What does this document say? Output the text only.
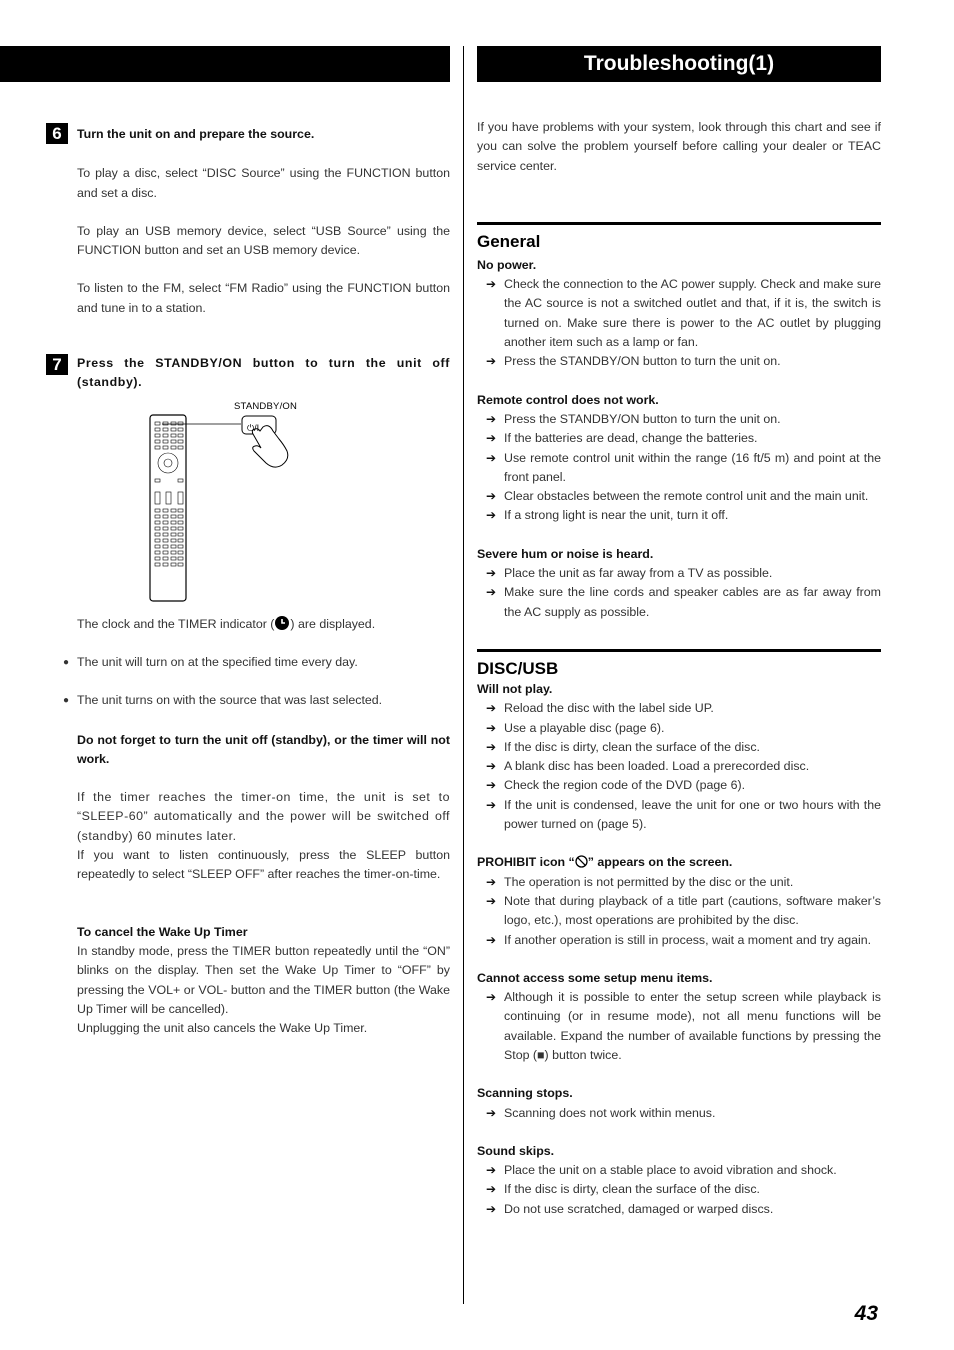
Troubleshooting(1)
6
7

Turn the unit on and prepare the source.

To play a disc, select “DISC Source” using the FUNCTION button and set a disc.

To play an USB memory device, select “USB Source” using the FUNCTION button and set an USB memory device.

To listen to the FM, select “FM Radio” using the FUNCTION button and tune in to a station.

Press the STANDBY/ON button to turn the unit off (standby).

STANDBY/ON
⏻/I

The clock and the TIMER indicator ( ) are displayed.

● The unit will turn on at the specified time every day.

● The unit turns on with the source that was last selected.

Do not forget to turn the unit off (standby), or the timer will not work.

If the timer reaches the timer-on time, the unit is set to “SLEEP-60” automatically and the power will be switched off (standby) 60 minutes later.

If you want to listen continuously, press the SLEEP button repeatedly to select “SLEEP OFF” after reaches the timer-on-time.

To cancel the Wake Up Timer

In standby mode, press the TIMER button repeatedly until the “ON” blinks on the display. Then set the Wake Up Timer to “OFF” by pressing the VOL+ or VOL- button and the TIMER button (the Wake Up Timer will be cancelled).

Unplugging the unit also cancels the Wake Up Timer.

If you have problems with your system, look through this chart and see if you can solve the problem yourself before calling your dealer or TEAC service center.

General

No power.

➔ Check the connection to the AC power supply. Check and make sure the AC source is not a switched outlet and that, if it is, the switch is turned on. Make sure there is power to the AC outlet by plugging another item such as a lamp or fan.

➔ Press the STANDBY/ON button to turn the unit on.

Remote control does not work.

➔ Press the STANDBY/ON button to turn the unit on.

➔ If the batteries are dead, change the batteries.

➔ Use remote control unit within the range (16 ft/5 m) and point at the front panel.

➔ Clear obstacles between the remote control unit and the main unit.

➔ If a strong light is near the unit, turn it off.

Severe hum or noise is heard.

➔ Place the unit as far away from a TV as possible.

➔ Make sure the line cords and speaker cables are as far away from the AC supply as possible.

DISC/USB

Will not play.

➔ Reload the disc with the label side UP.

➔ Use a playable disc (page 6).

➔ If the disc is dirty, clean the surface of the disc.

➔ A blank disc has been loaded. Load a prerecorded disc.

➔ Check the region code of the DVD (page 6).

➔ If the unit is condensed, leave the unit for one or two hours with the power turned on (page 5).

PROHIBIT icon “ ” appears on the screen.

➔ The operation is not permitted by the disc or the unit.

➔ Note that during playback of a title part (cautions, software maker’s logo, etc.), most operations are prohibited by the disc.

➔ If another operation is still in process, wait a moment and try again.

Cannot access some setup menu items.

➔ Although it is possible to enter the setup screen while playback is continuing (or in resume mode), not all menu functions will be available. Expand the number of available functions by pressing the Stop (■) button twice.

Scanning stops.

➔ Scanning does not work within menus.

Sound skips.

➔ Place the unit on a stable place to avoid vibration and shock.

➔ If the disc is dirty, clean the surface of the disc.

➔ Do not use scratched, damaged or warped discs.

43
